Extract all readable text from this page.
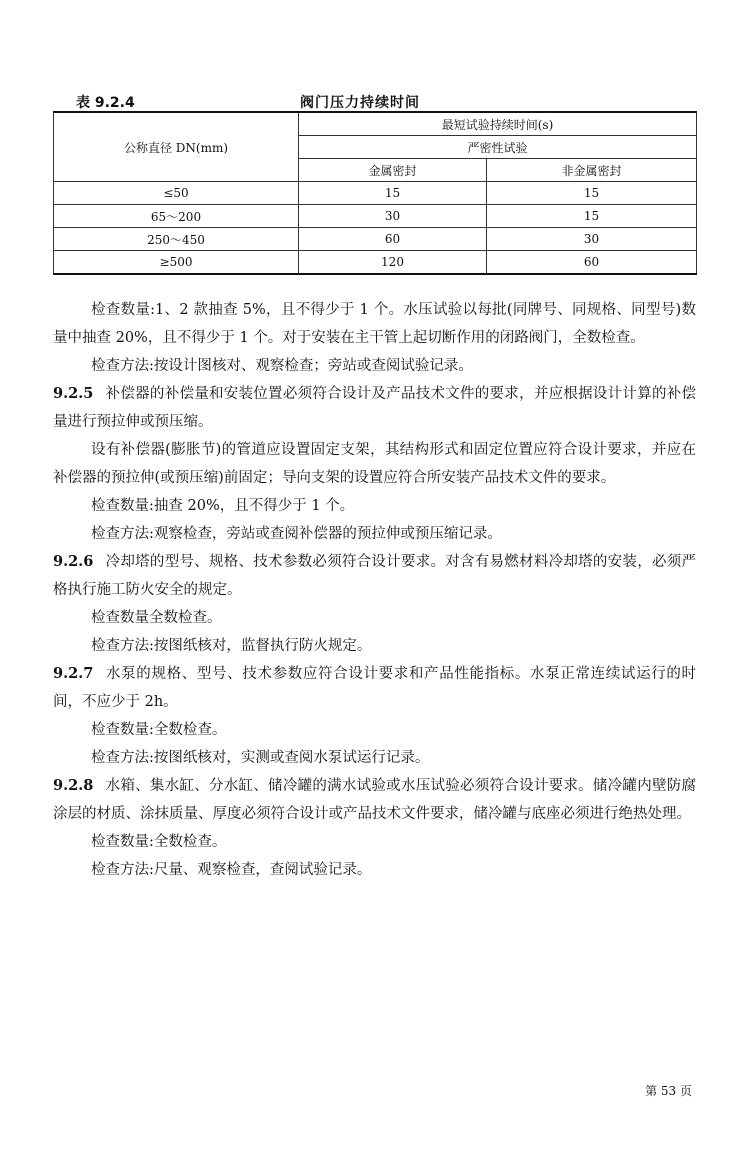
表 9.2.4	阀门压力持续时间
公称直径 DN(mm)	最短试验持续时间(s)	
	严密性试验	
	金属密封	非金属密封
≤50	15	15
65～200	30	15
250～450	60	30
≥500	120	60

检查数量:1、2 款抽查 5%，且不得少于 1 个。水压试验以每批(同牌号、同规格、同型号)数量中抽查 20%，且不得少于 1 个。对于安装在主干管上起切断作用的闭路阀门，全数检查。

检查方法:按设计图核对、观察检查；旁站或查阅试验记录。

9.2.5 补偿器的补偿量和安装位置必须符合设计及产品技术文件的要求，并应根据设计计算的补偿量进行预拉伸或预压缩。

设有补偿器(膨胀节)的管道应设置固定支架，其结构形式和固定位置应符合设计要求，并应在补偿器的预拉伸(或预压缩)前固定；导向支架的设置应符合所安装产品技术文件的要求。

检查数量:抽查 20%，且不得少于 1 个。

检查方法:观察检查，旁站或查阅补偿器的预拉伸或预压缩记录。

9.2.6 冷却塔的型号、规格、技术参数必须符合设计要求。对含有易燃材料冷却塔的安装，必须严格执行施工防火安全的规定。

检查数量全数检查。

检查方法:按图纸核对，监督执行防火规定。

9.2.7 水泵的规格、型号、技术参数应符合设计要求和产品性能指标。水泵正常连续试运行的时间，不应少于 2h。

检查数量:全数检查。

检查方法:按图纸核对，实测或查阅水泵试运行记录。

9.2.8 水箱、集水缸、分水缸、储冷罐的满水试验或水压试验必须符合设计要求。储冷罐内壁防腐涂层的材质、涂抹质量、厚度必须符合设计或产品技术文件要求，储冷罐与底座必须进行绝热处理。

检查数量:全数检查。

检查方法:尺量、观察检查，查阅试验记录。

第 53 页
